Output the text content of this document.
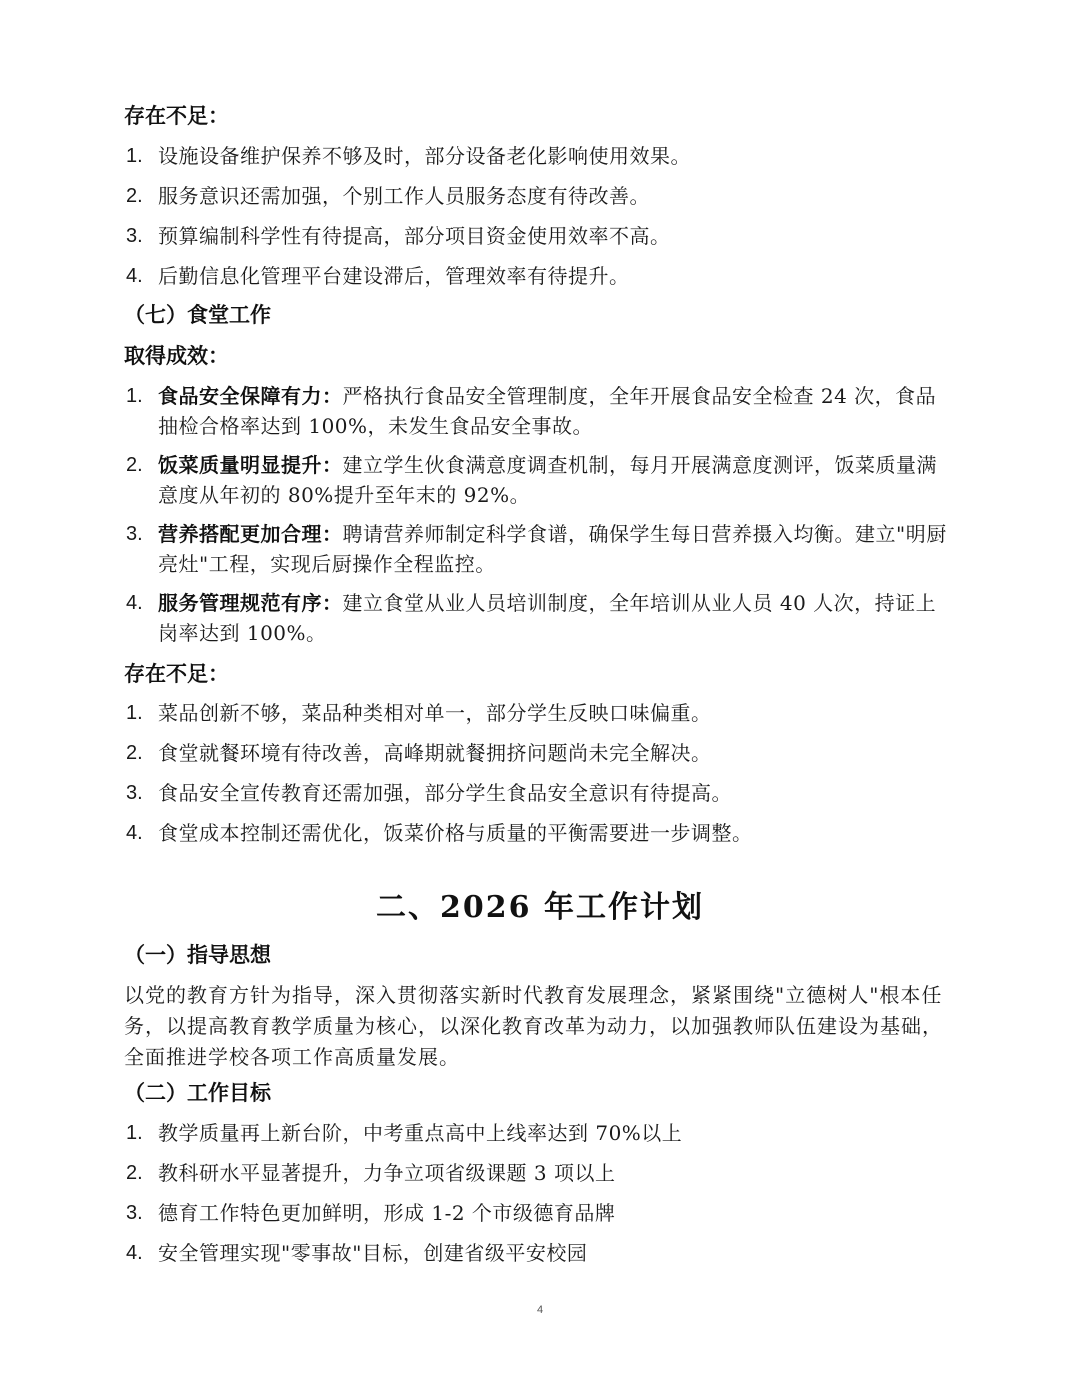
存在不足：
1. 设施设备维护保养不够及时，部分设备老化影响使用效果。
2. 服务意识还需加强，个别工作人员服务态度有待改善。
3. 预算编制科学性有待提高，部分项目资金使用效率不高。
4. 后勤信息化管理平台建设滞后，管理效率有待提升。
（七）食堂工作
取得成效：
1. 食品安全保障有力：严格执行食品安全管理制度，全年开展食品安全检查 24 次，食品抽检合格率达到 100%，未发生食品安全事故。
2. 饭菜质量明显提升：建立学生伙食满意度调查机制，每月开展满意度测评，饭菜质量满意度从年初的 80%提升至年末的 92%。
3. 营养搭配更加合理：聘请营养师制定科学食谱，确保学生每日营养摄入均衡。建立"明厨亮灶"工程，实现后厨操作全程监控。
4. 服务管理规范有序：建立食堂从业人员培训制度，全年培训从业人员 40 人次，持证上岗率达到 100%。
存在不足：
1. 菜品创新不够，菜品种类相对单一，部分学生反映口味偏重。
2. 食堂就餐环境有待改善，高峰期就餐拥挤问题尚未完全解决。
3. 食品安全宣传教育还需加强，部分学生食品安全意识有待提高。
4. 食堂成本控制还需优化，饭菜价格与质量的平衡需要进一步调整。
二、2026 年工作计划
（一）指导思想
以党的教育方针为指导，深入贯彻落实新时代教育发展理念，紧紧围绕"立德树人"根本任务，以提高教育教学质量为核心，以深化教育改革为动力，以加强教师队伍建设为基础，全面推进学校各项工作高质量发展。
（二）工作目标
1. 教学质量再上新台阶，中考重点高中上线率达到 70%以上
2. 教科研水平显著提升，力争立项省级课题 3 项以上
3. 德育工作特色更加鲜明，形成 1-2 个市级德育品牌
4. 安全管理实现"零事故"目标，创建省级平安校园
4
